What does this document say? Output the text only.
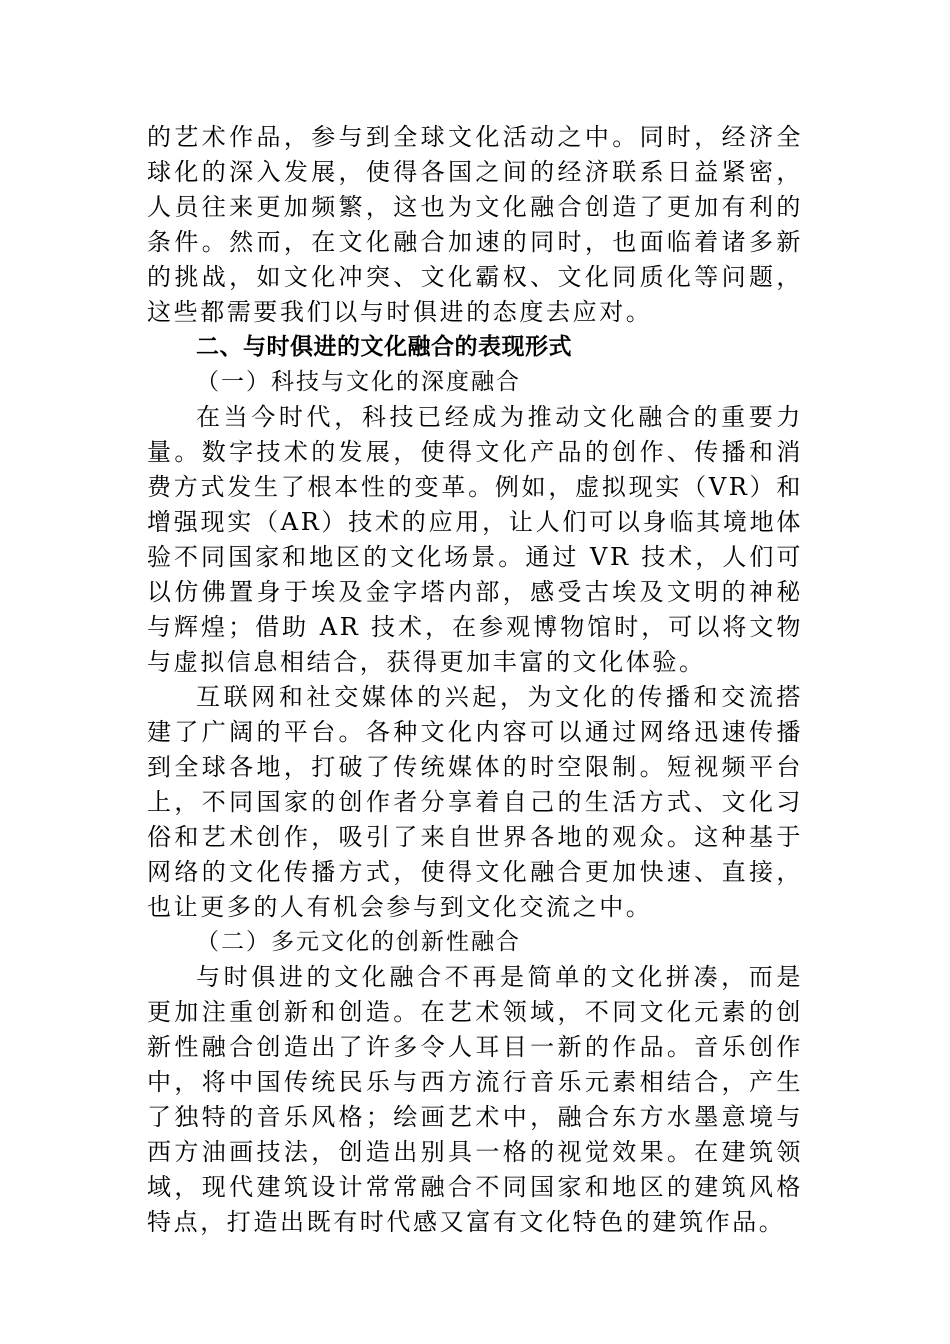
的艺术作品，参与到全球文化活动之中。同时，经济全球化的深入发展，使得各国之间的经济联系日益紧密，人员往来更加频繁，这也为文化融合创造了更加有利的条件。然而，在文化融合加速的同时，也面临着诸多新的挑战，如文化冲突、文化霸权、文化同质化等问题，这些都需要我们以与时俱进的态度去应对。

二、与时俱进的文化融合的表现形式

（一）科技与文化的深度融合

在当今时代，科技已经成为推动文化融合的重要力量。数字技术的发展，使得文化产品的创作、传播和消费方式发生了根本性的变革。例如，虚拟现实（VR）和增强现实（AR）技术的应用，让人们可以身临其境地体验不同国家和地区的文化场景。通过 VR 技术，人们可以仿佛置身于埃及金字塔内部，感受古埃及文明的神秘与辉煌；借助 AR 技术，在参观博物馆时，可以将文物与虚拟信息相结合，获得更加丰富的文化体验。

互联网和社交媒体的兴起，为文化的传播和交流搭建了广阔的平台。各种文化内容可以通过网络迅速传播到全球各地，打破了传统媒体的时空限制。短视频平台上，不同国家的创作者分享着自己的生活方式、文化习俗和艺术创作，吸引了来自世界各地的观众。这种基于网络的文化传播方式，使得文化融合更加快速、直接，也让更多的人有机会参与到文化交流之中。

（二）多元文化的创新性融合

与时俱进的文化融合不再是简单的文化拼凑，而是更加注重创新和创造。在艺术领域，不同文化元素的创新性融合创造出了许多令人耳目一新的作品。音乐创作中，将中国传统民乐与西方流行音乐元素相结合，产生了独特的音乐风格；绘画艺术中，融合东方水墨意境与西方油画技法，创造出别具一格的视觉效果。在建筑领域，现代建筑设计常常融合不同国家和地区的建筑风格特点，打造出既有时代感又富有文化特色的建筑作品。
